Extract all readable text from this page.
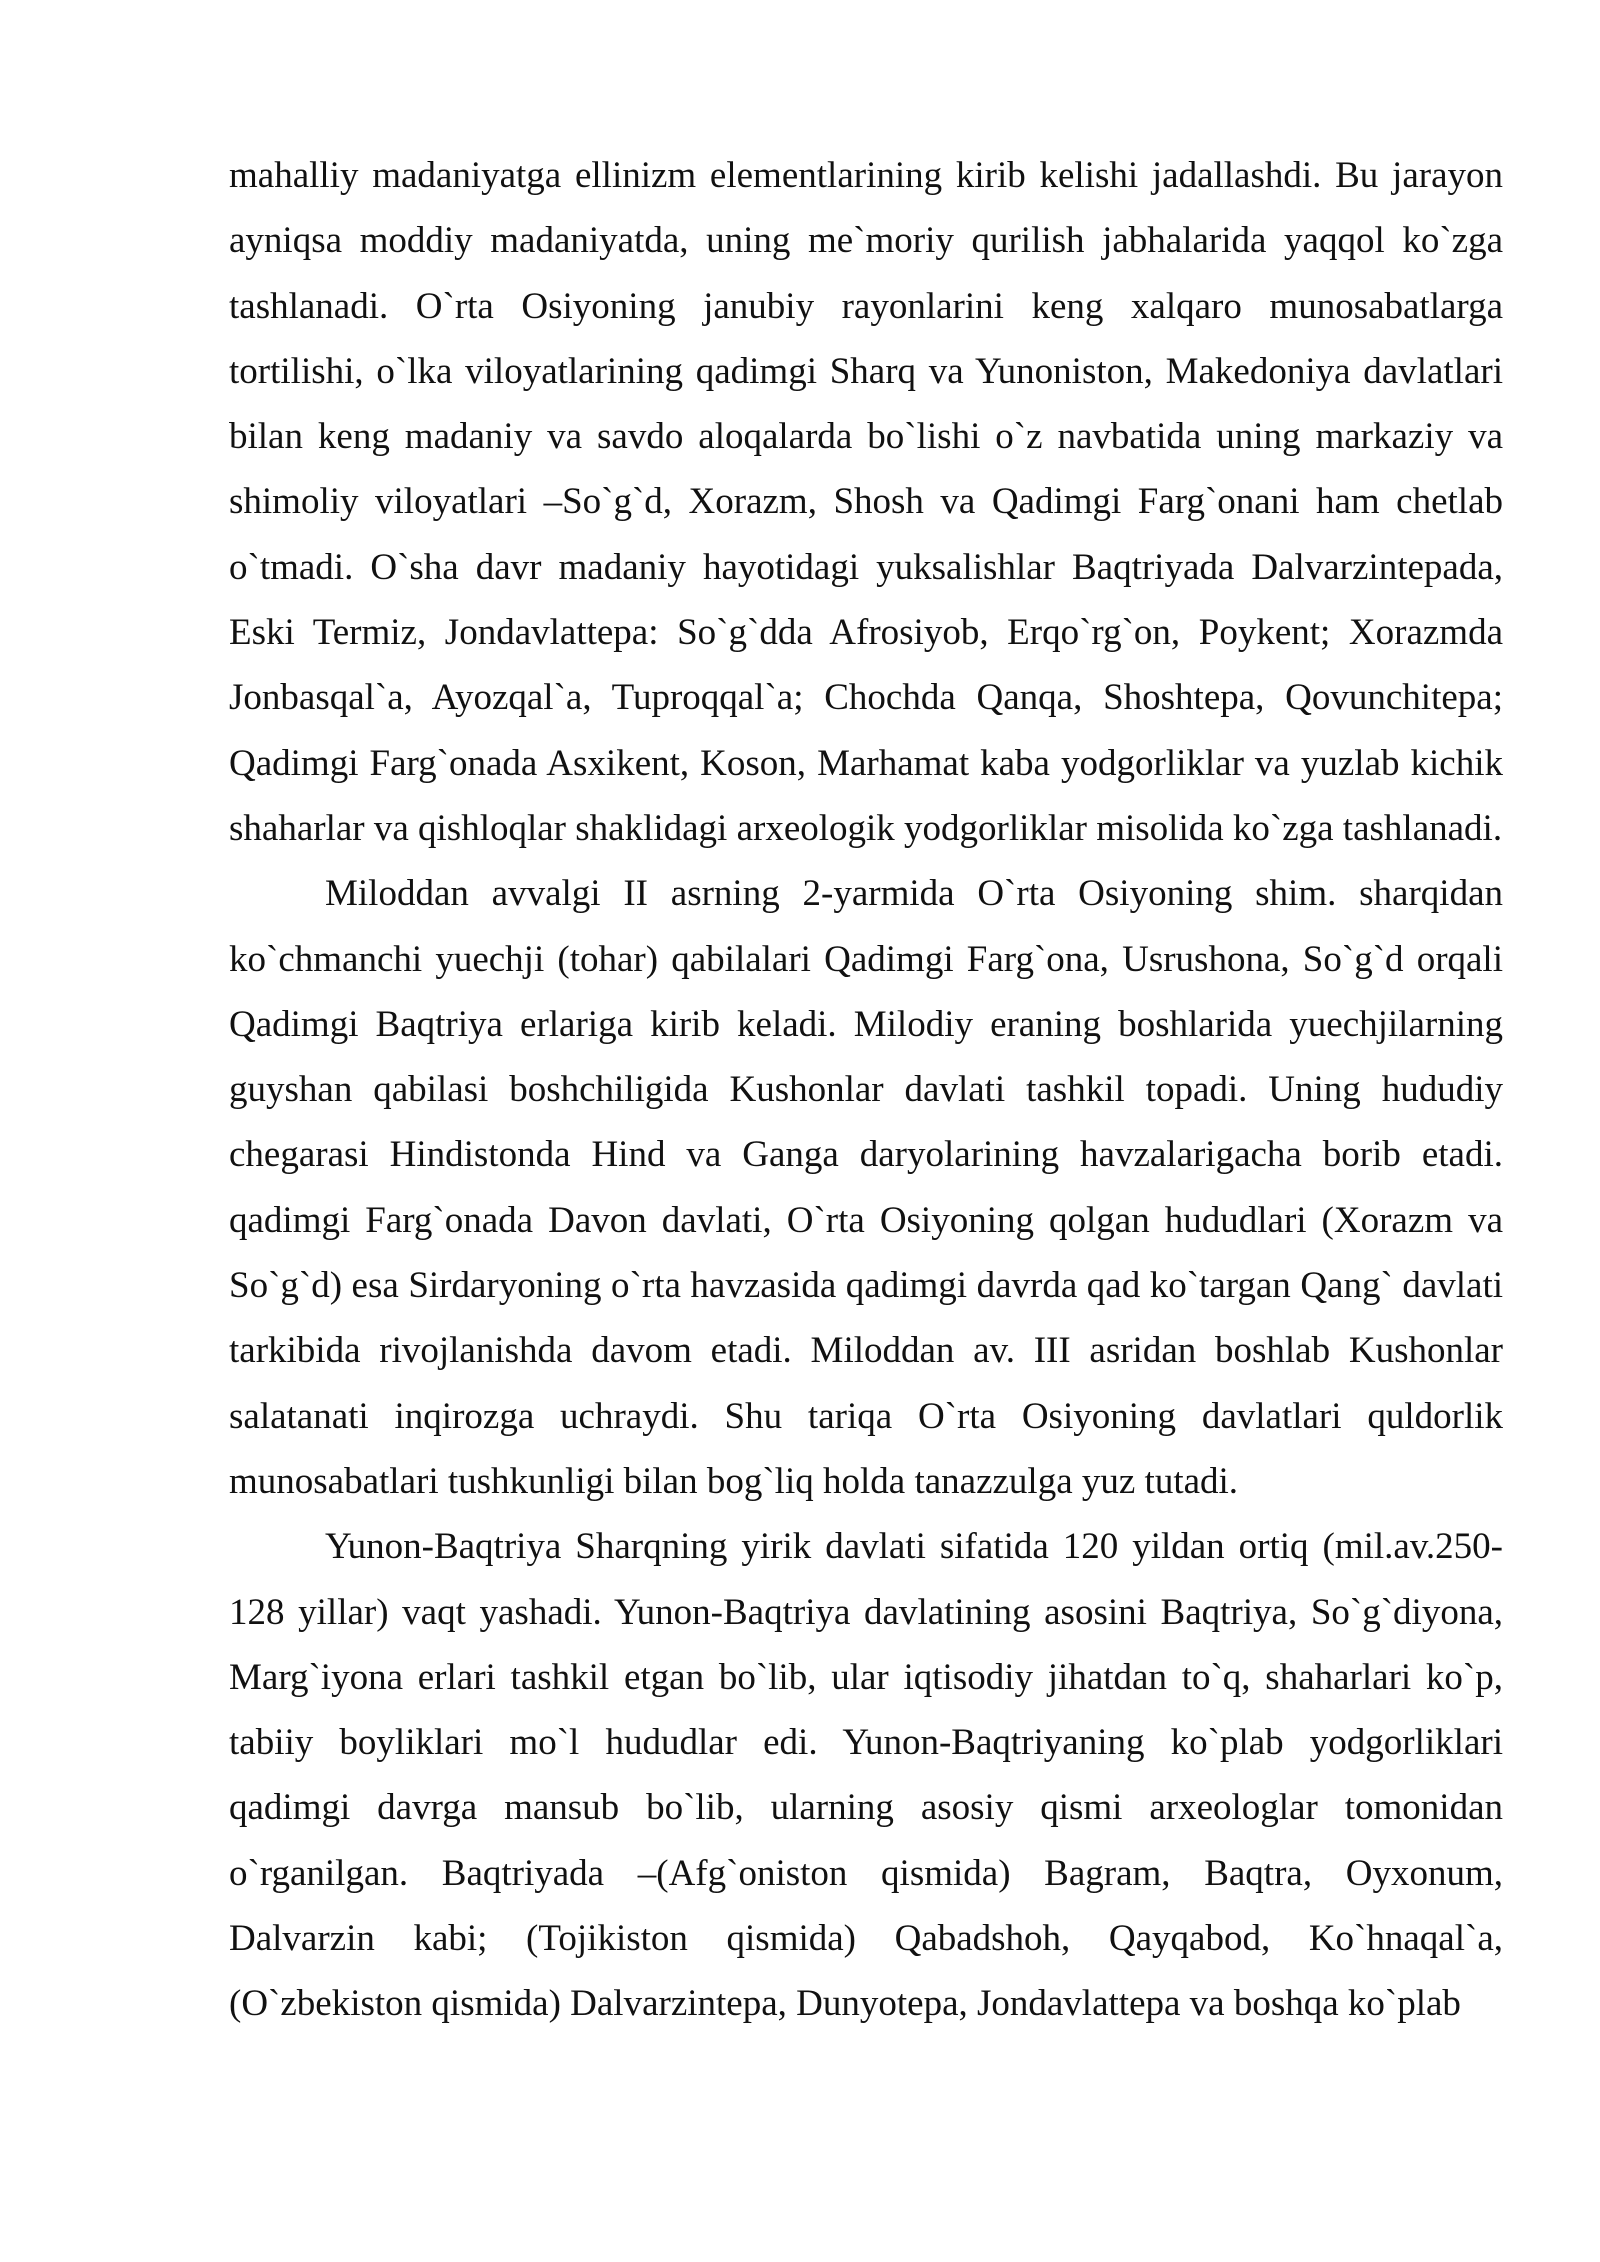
mahalliy madaniyatga ellinizm elementlarining kirib kelishi jadallashdi. Bu jarayon ayniqsa moddiy madaniyatda, uning me`moriy qurilish jabhalarida yaqqol ko`zga tashlanadi. O`rta Osiyoning janubiy rayonlarini keng xalqaro munosabatlarga tortilishi, o`lka viloyatlarining qadimgi Sharq va Yunoniston, Makedoniya davlatlari bilan keng madaniy va savdo aloqalarda bo`lishi o`z navbatida uning markaziy va shimoliy viloyatlari –So`g`d, Xorazm, Shosh va Qadimgi Farg`onani ham chetlab o`tmadi. O`sha davr madaniy hayotidagi yuksalishlar Baqtriyada Dalvarzintepada, Eski Termiz, Jondavlattepa: So`g`dda Afrosiyob, Erqo`rg`on, Poykent; Xorazmda Jonbasqal`a, Ayozqal`a, Tuproqqal`a; Chochda Qanqa, Shoshtepa, Qovunchitepa; Qadimgi Farg`onada Asxikent, Koson, Marhamat kaba yodgorliklar va yuzlab kichik shaharlar va qishloqlar shaklidagi arxeologik yodgorliklar misolida ko`zga tashlanadi.

Miloddan avvalgi II asrning 2-yarmida O`rta Osiyoning shim. sharqidan ko`chmanchi yuechji (tohar) qabilalari Qadimgi Farg`ona, Usrushona, So`g`d orqali Qadimgi Baqtriya erlariga kirib keladi. Milodiy eraning boshlarida yuechjilarning guyshan qabilasi boshchiligida Kushonlar davlati tashkil topadi. Uning hududiy chegarasi Hindistonda Hind va Ganga daryolarining havzalarigacha borib etadi. qadimgi Farg`onada Davon davlati, O`rta Osiyoning qolgan hududlari (Xorazm va So`g`d) esa Sirdaryoning o`rta havzasida qadimgi davrda qad ko`targan Qang` davlati tarkibida rivojlanishda davom etadi. Miloddan av. III asridan boshlab Kushonlar salatanati inqirozga uchraydi. Shu tariqa O`rta Osiyoning davlatlari quldorlik munosabatlari tushkunligi bilan bog`liq holda tanazzulga yuz tutadi.

Yunon-Baqtriya Sharqning yirik davlati sifatida 120 yildan ortiq (mil.av.250-128 yillar) vaqt yashadi. Yunon-Baqtriya davlatining asosini Baqtriya, So`g`diyona, Marg`iyona erlari tashkil etgan bo`lib, ular iqtisodiy jihatdan to`q, shaharlari ko`p, tabiiy boyliklari mo`l hududlar edi. Yunon-Baqtriyaning ko`plab yodgorliklari qadimgi davrga mansub bo`lib, ularning asosiy qismi arxeologlar tomonidan o`rganilgan. Baqtriyada –(Afg`oniston qismida) Bagram, Baqtra, Oyxonum, Dalvarzin kabi; (Tojikiston qismida) Qabadshoh, Qayqabod, Ko`hnaqal`a, (O`zbekiston qismida) Dalvarzintepa, Dunyotepa, Jondavlattepa va boshqa ko`plab
